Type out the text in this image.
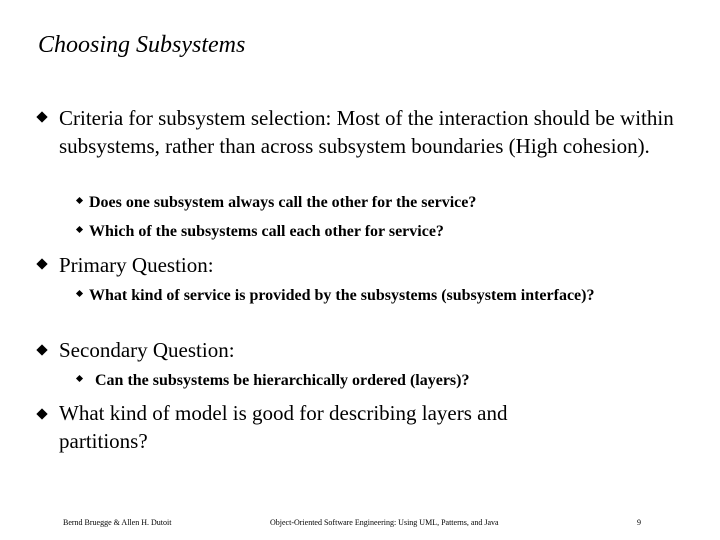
Choosing Subsystems
Criteria for subsystem selection: Most of the interaction should be within subsystems, rather than across subsystem boundaries (High cohesion).
Does one subsystem always call the other for the service?
Which of the subsystems call each other for service?
Primary Question:
What kind of service is provided by the subsystems (subsystem interface)?
Secondary Question:
Can the subsystems be hierarchically ordered (layers)?
What kind of model is good for describing layers and partitions?
Bernd Bruegge & Allen H. Dutoit	Object-Oriented Software Engineering: Using UML, Patterns, and Java	9
